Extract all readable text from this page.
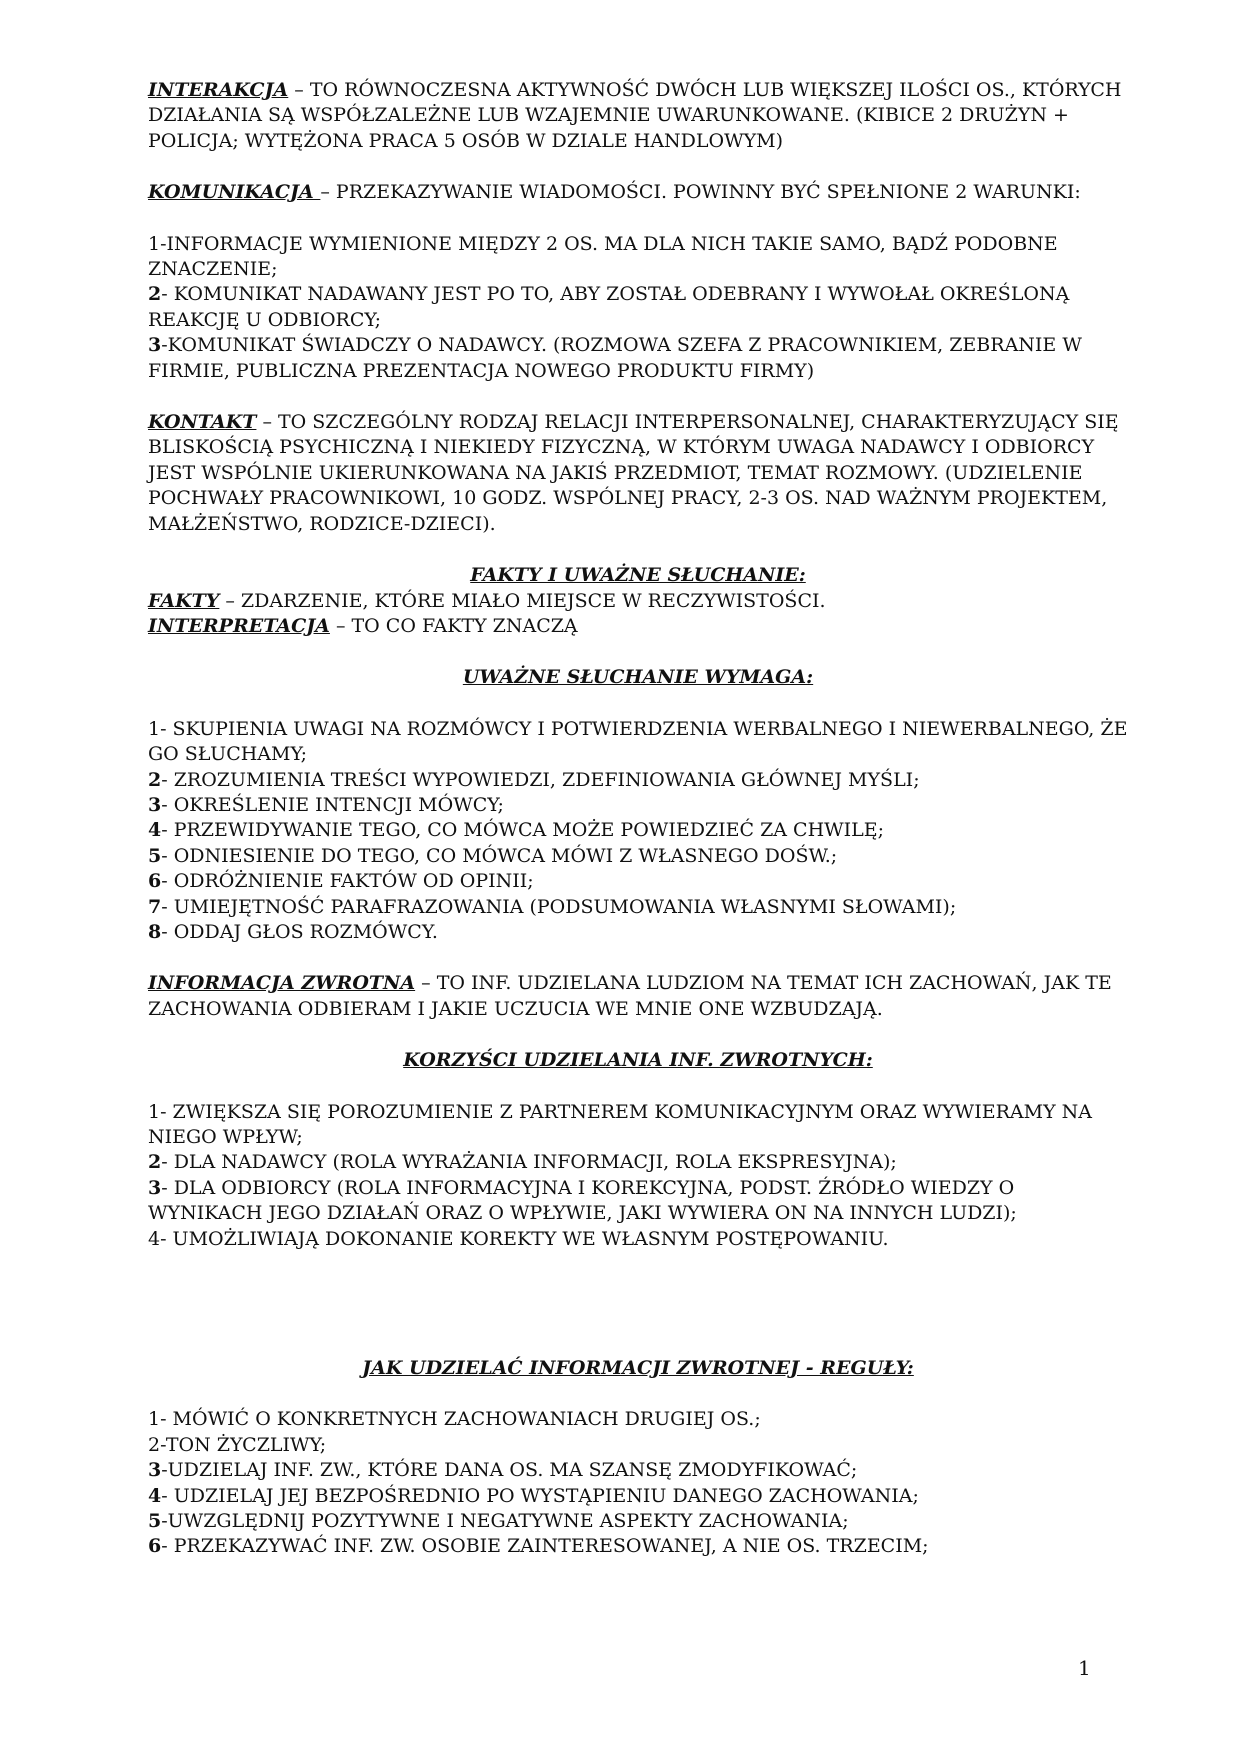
INTERAKCJA – TO RÓWNOCZESNA AKTYWNOŚĆ DWÓCH LUB WIĘKSZEJ ILOŚCI OS., KTÓRYCH DZIAŁANIA SĄ WSPÓŁZALEŻNE LUB WZAJEMNIE UWARUNKOWANE. (KIBICE 2 DRUŻYN + POLICJA; WYTĘŻONA PRACA 5 OSÓB W DZIALE HANDLOWYM)

KOMUNIKACJA – PRZEKAZYWANIE WIADOMOŚCI. POWINNY BYĆ SPEŁNIONE 2 WARUNKI:

1-INFORMACJE WYMIENIONE MIĘDZY 2 OS. MA DLA NICH TAKIE SAMO, BĄDŹ PODOBNE ZNACZENIE;

2- KOMUNIKAT NADAWANY JEST PO TO, ABY ZOSTAŁ ODEBRANY I WYWOŁAŁ OKREŚLONĄ REAKCJĘ U ODBIORCY;

3-KOMUNIKAT ŚWIADCZY O NADAWCY. (ROZMOWA SZEFA Z PRACOWNIKIEM, ZEBRANIE W FIRMIE, PUBLICZNA PREZENTACJA NOWEGO PRODUKTU FIRMY)

KONTAKT – TO SZCZEGÓLNY RODZAJ RELACJI INTERPERSONALNEJ, CHARAKTERYZUJĄCY SIĘ BLISKOŚCIĄ PSYCHICZNĄ I NIEKIEDY FIZYCZNĄ, W KTÓRYM UWAGA NADAWCY I ODBIORCY JEST WSPÓLNIE UKIERUNKOWANA NA JAKIŚ PRZEDMIOT, TEMAT ROZMOWY. (UDZIELENIE POCHWAŁY PRACOWNIKOWI, 10 GODZ. WSPÓLNEJ PRACY, 2-3 OS. NAD WAŻNYM PROJEKTEM, MAŁŻEŃSTWO, RODZICE-DZIECI).

FAKTY I UWAŻNE SŁUCHANIE:

FAKTY – ZDARZENIE, KTÓRE MIAŁO MIEJSCE W RECZYWISTOŚCI.

INTERPRETACJA – TO CO FAKTY ZNACZĄ

UWAŻNE SŁUCHANIE WYMAGA:

1- SKUPIENIA UWAGI NA ROZMÓWCY I POTWIERDZENIA WERBALNEGO I NIEWERBALNEGO, ŻE GO SŁUCHAMY;

2- ZROZUMIENIA TREŚCI WYPOWIEDZI, ZDEFINIOWANIA GŁÓWNEJ MYŚLI;

3- OKREŚLENIE INTENCJI MÓWCY;

4- PRZEWIDYWANIE TEGO, CO MÓWCA MOŻE POWIEDZIEĆ ZA CHWILĘ;

5- ODNIESIENIE DO TEGO, CO MÓWCA MÓWI Z WŁASNEGO DOŚW.;

6- ODRÓŻNIENIE FAKTÓW OD OPINII;

7- UMIEJĘTNOŚĆ PARAFRAZOWANIA (PODSUMOWANIA WŁASNYMI SŁOWAMI);

8- ODDAJ GŁOS ROZMÓWCY.

INFORMACJA ZWROTNA – TO INF. UDZIELANA LUDZIOM NA TEMAT ICH ZACHOWAŃ, JAK TE ZACHOWANIA ODBIERAM I JAKIE UCZUCIA WE MNIE ONE WZBUDZAJĄ.

KORZYŚCI UDZIELANIA INF. ZWROTNYCH:

1- ZWIĘKSZA SIĘ POROZUMIENIE Z PARTNEREM KOMUNIKACYJNYM ORAZ WYWIERAMY NA NIEGO WPŁYW;

2- DLA NADAWCY (ROLA WYRAŻANIA INFORMACJI, ROLA EKSPRESYJNA);

3- DLA ODBIORCY (ROLA INFORMACYJNA I KOREKCYJNA, PODST. ŹRÓDŁO WIEDZY O WYNIKACH JEGO DZIAŁAŃ ORAZ O WPŁYWIE, JAKI WYWIERA ON NA INNYCH LUDZI);

4- UMOŻLIWIAJĄ DOKONANIE KOREKTY WE WŁASNYM POSTĘPOWANIU.

JAK UDZIELAĆ INFORMACJI ZWROTNEJ - REGUŁY:

1- MÓWIĆ O KONKRETNYCH ZACHOWANIACH DRUGIEJ OS.;

2-TON ŻYCZLIWY;

3-UDZIELAJ INF. ZW., KTÓRE DANA OS. MA SZANSĘ ZMODYFIKOWAĆ;

4- UDZIELAJ JEJ BEZPOŚREDNIO PO WYSTĄPIENIU DANEGO ZACHOWANIA;

5-UWZGLĘDNIJ POZYTYWNE I NEGATYWNE ASPEKTY ZACHOWANIA;

6- PRZEKAZYWAĆ INF. ZW. OSOBIE ZAINTERESOWANEJ, A NIE OS. TRZECIM;

1
